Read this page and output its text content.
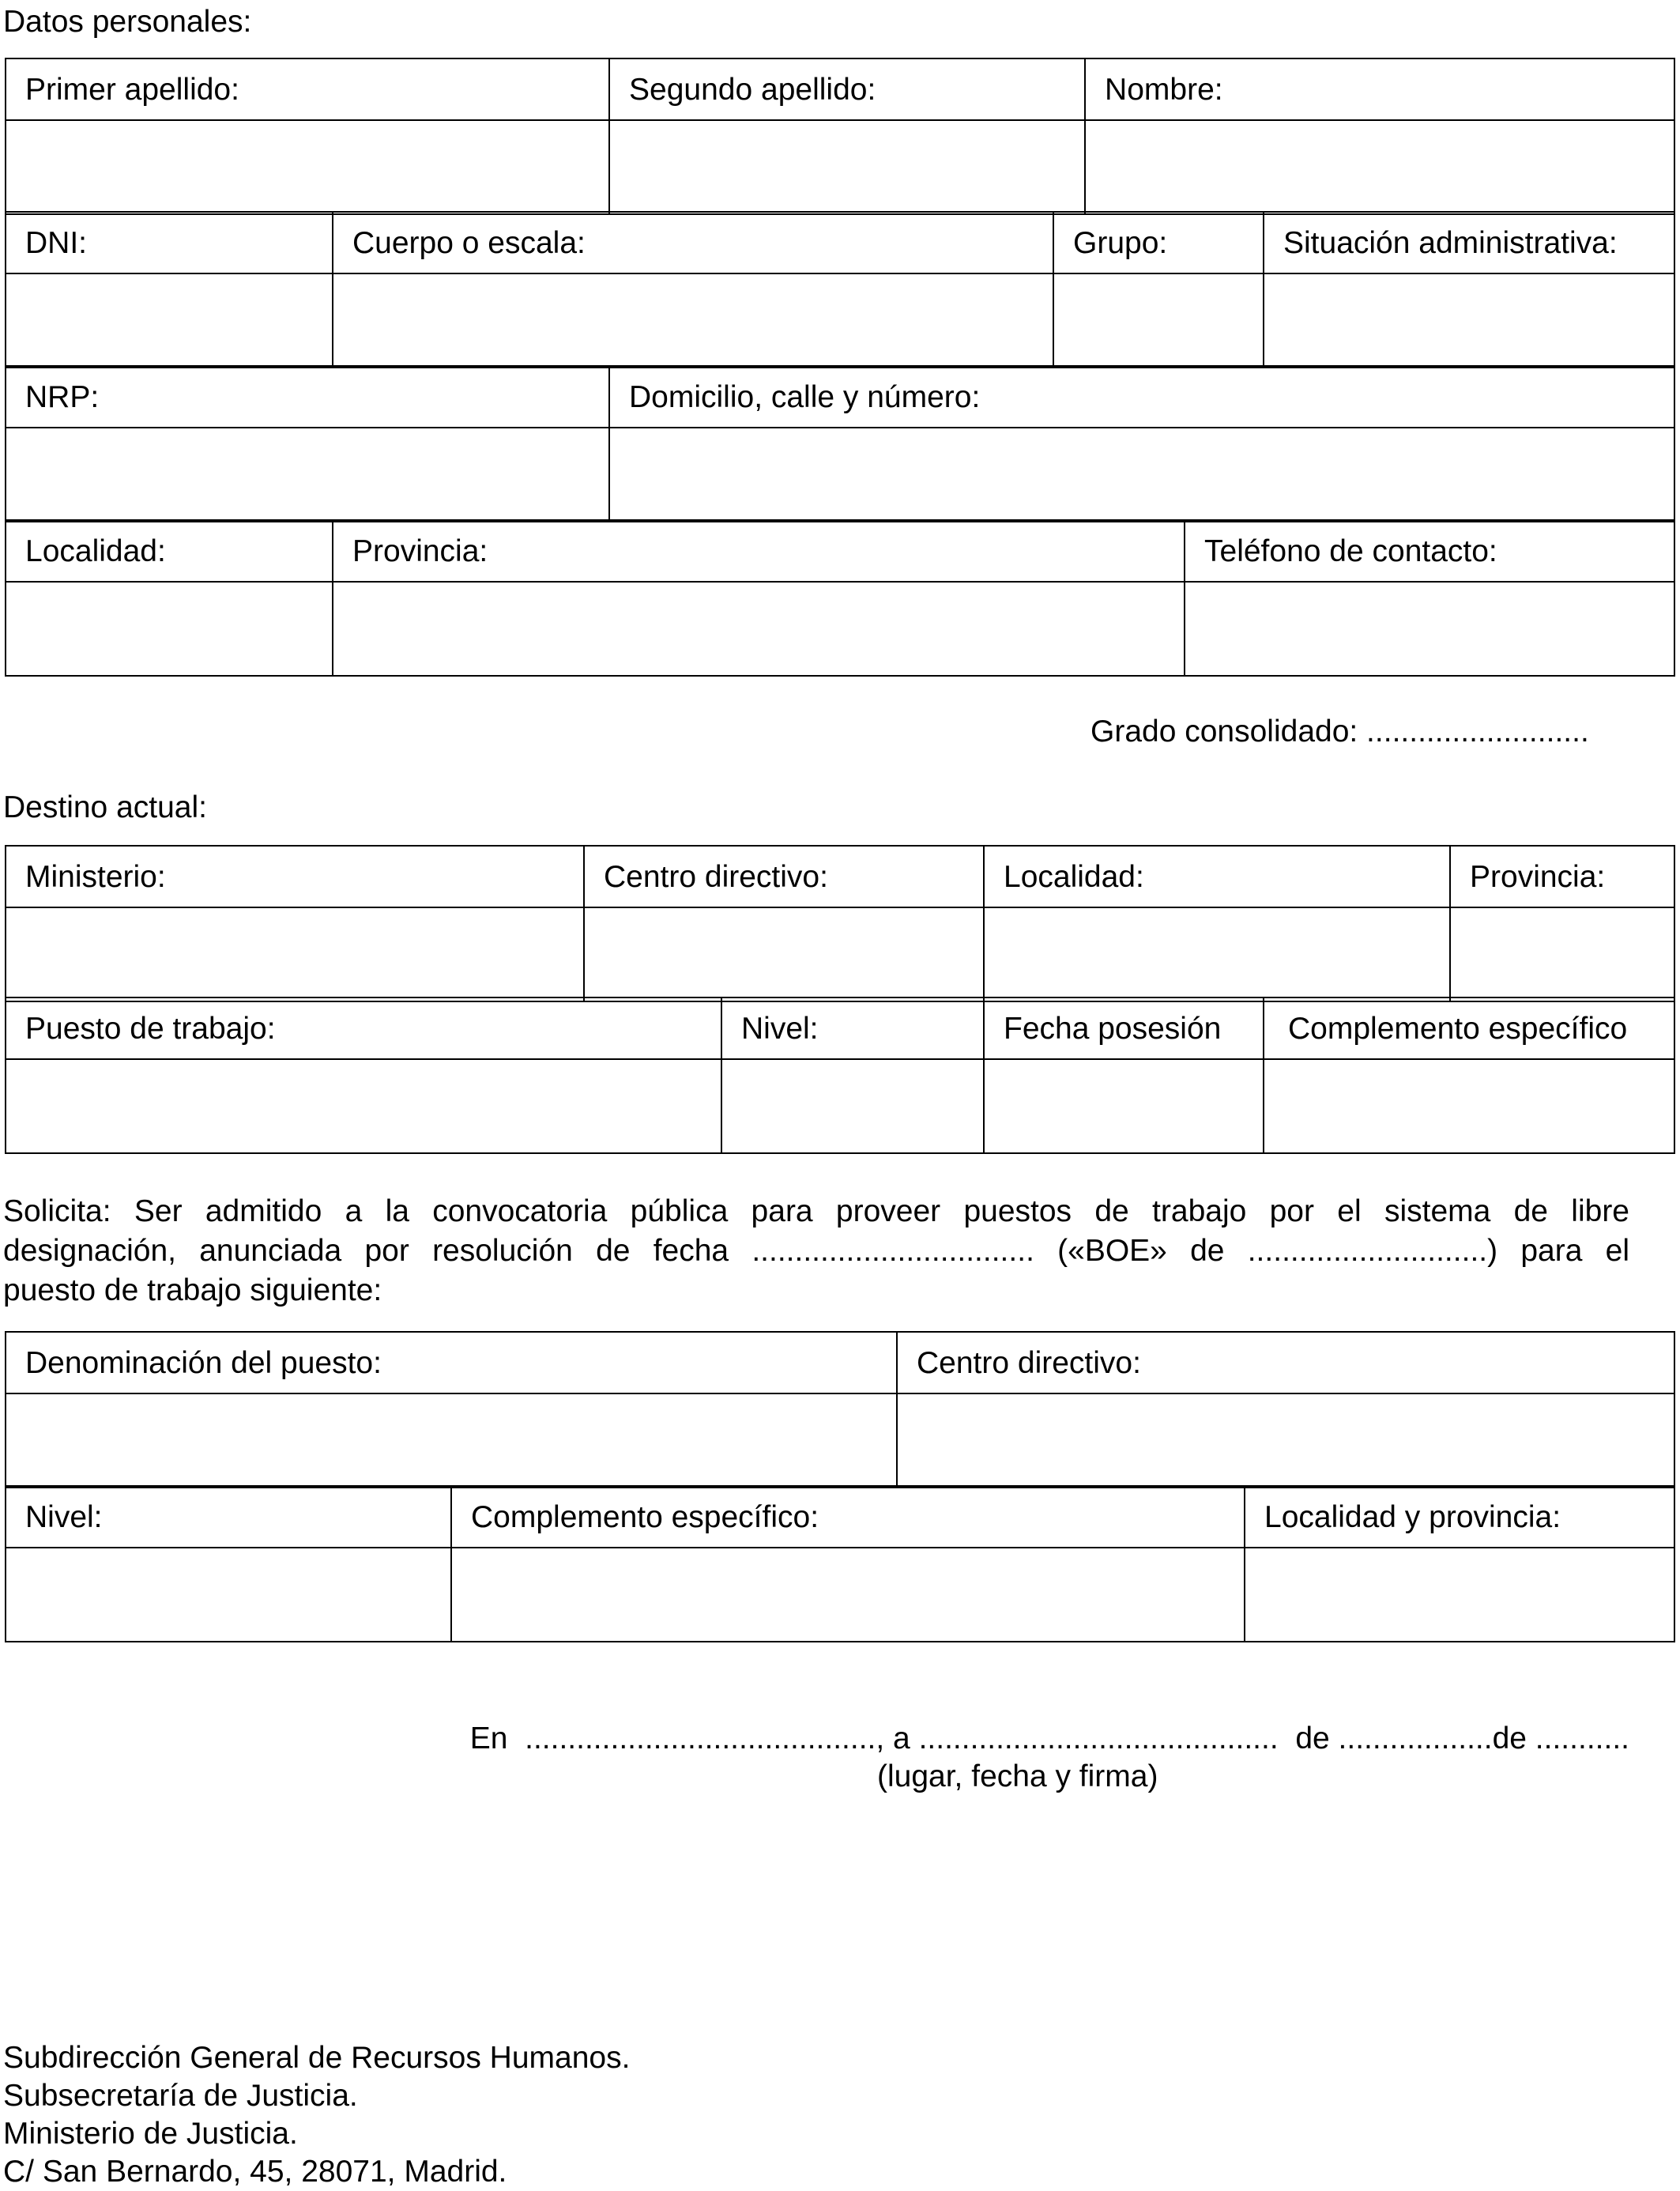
Datos personales:
Primer apellido:	Segundo apellido:	Nombre:

DNI:	Cuerpo o escala:	Grupo:	Situación administrativa:

NRP:	Domicilio, calle y número:

Localidad:	Provincia:	Teléfono de contacto:

Grado consolidado: ..........................
Destino actual:
Ministerio:	Centro directivo:	Localidad:	Provincia:

Puesto de trabajo:	Nivel:	Fecha posesión	Complemento específico

Solicita: Ser admitido a la convocatoria pública para proveer puestos de trabajo por el sistema de libre
designación, anunciada por resolución de fecha ................................. («BOE» de ............................) para el
puesto de trabajo siguiente:
Denominación del puesto:	Centro directivo:

Nivel:	Complemento específico:	Localidad y provincia:

En  ........................................., a ..........................................  de ..................de ...........
(lugar, fecha y firma)
Subdirección General de Recursos Humanos.
Subsecretaría de Justicia.
Ministerio de Justicia.
C/ San Bernardo, 45, 28071, Madrid.
